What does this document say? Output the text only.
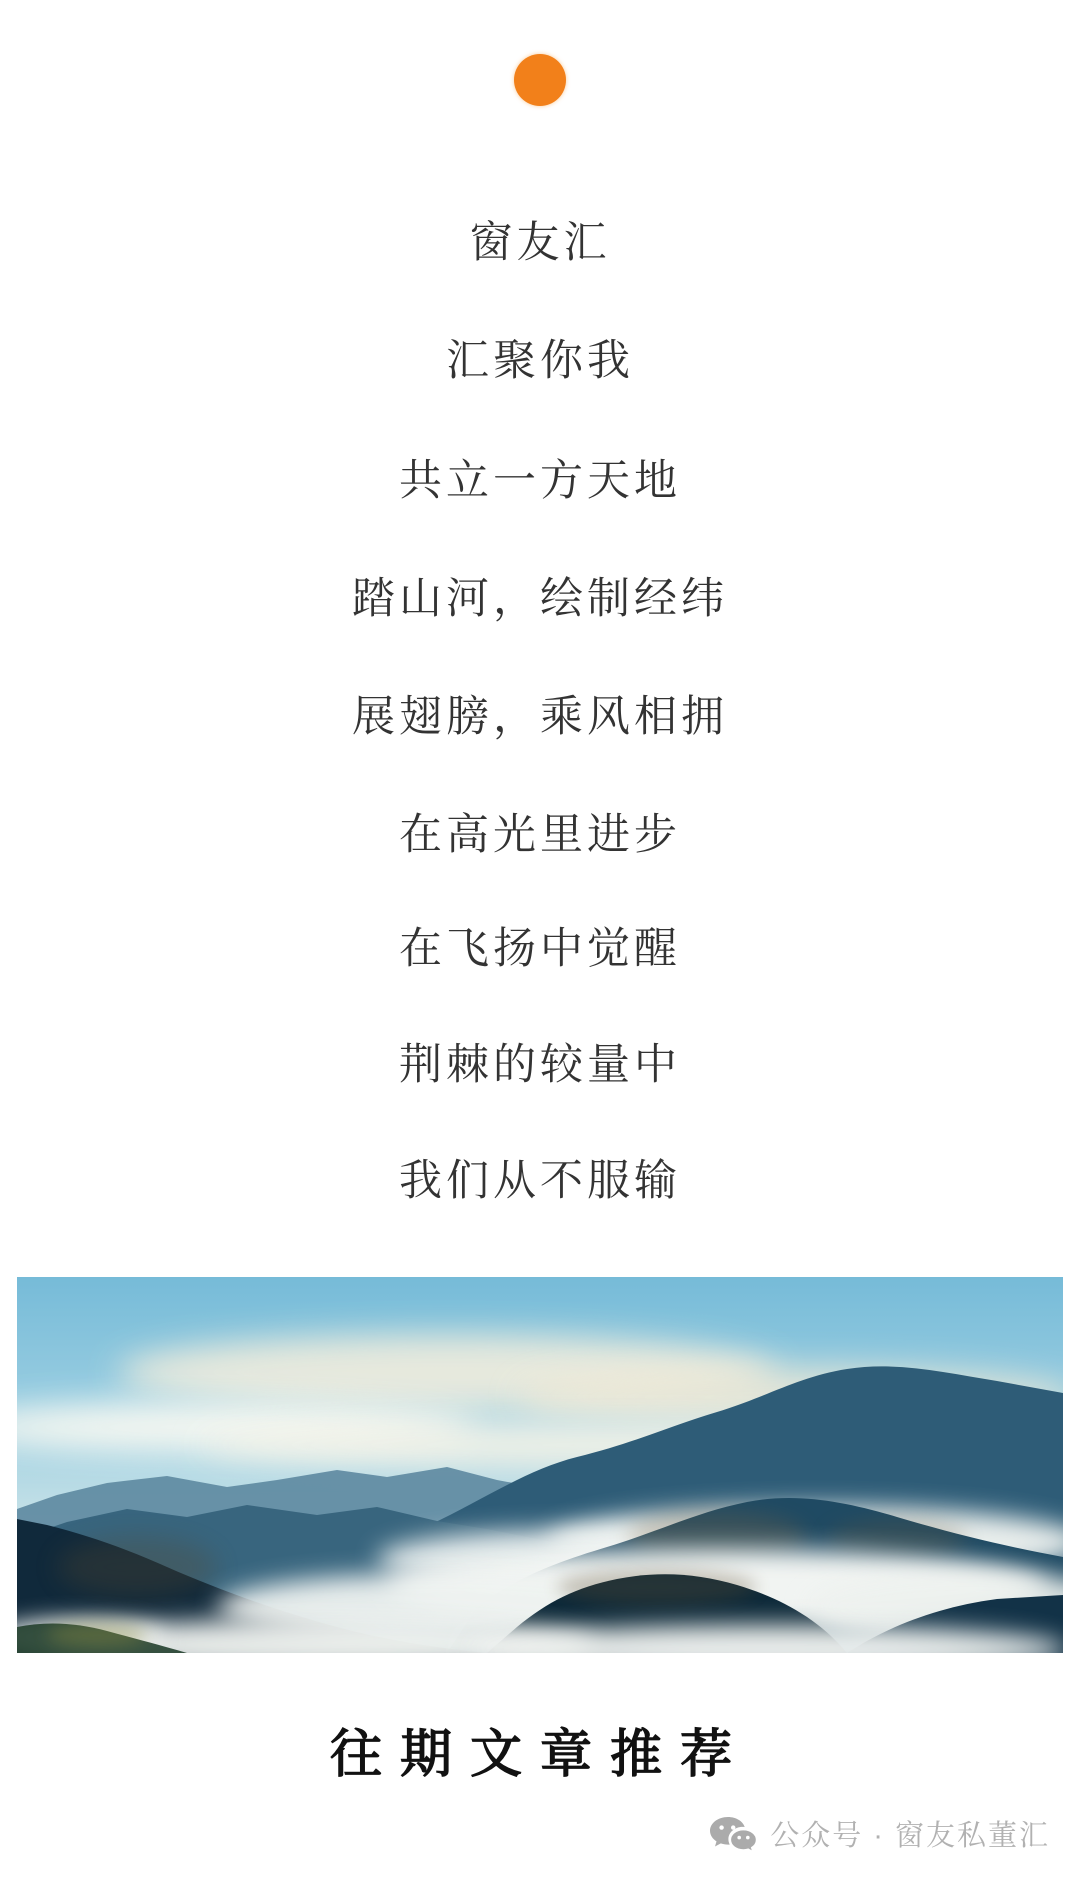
窗友汇
汇聚你我
共立一方天地
踏山河，绘制经纬
展翅膀，乘风相拥
在高光里进步
在飞扬中觉醒
荆棘的较量中
我们从不服输
往期文章推荐
公众号 · 窗友私董汇
